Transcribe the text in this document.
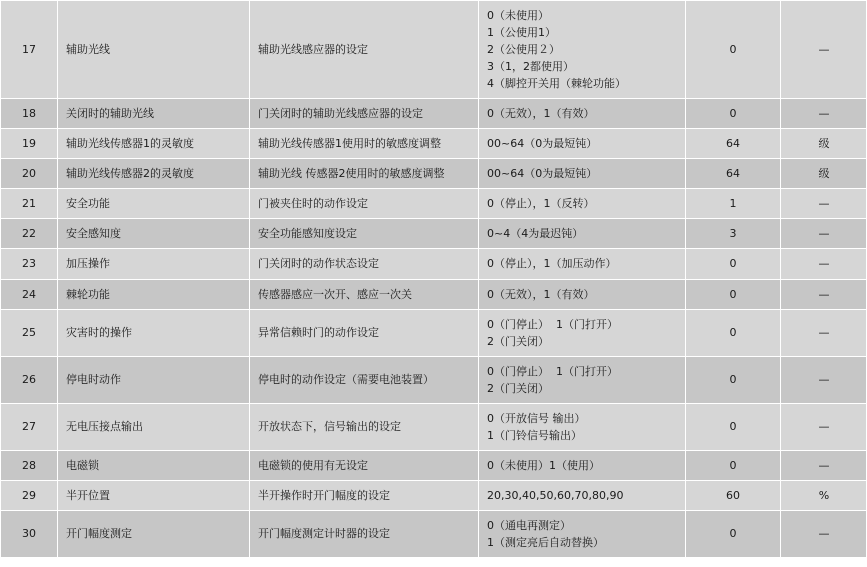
17	辅助光线	辅助光线感应器的设定	0（未使用）
1（公使用1）
2（公使用２）
3（1，2都使用）
4（脚控开关用（棘轮功能）	0	—
18	关闭时的辅助光线	门关闭时的辅助光线感应器的设定	0（无效），1（有效）	0	—
19	辅助光线传感器1的灵敏度	辅助光线传感器1使用时的敏感度调整	00~64（0为最短钝）	64	级
20	辅助光线传感器2的灵敏度	辅助光线 传感器2使用时的敏感度调整	00~64（0为最短钝）	64	级
21	安全功能	门被夹住时的动作设定	0（停止），1（反转）	1	—
22	安全感知度	安全功能感知度设定	0~4（4为最迟钝）	3	—
23	加压操作	门关闭时的动作状态设定	0（停止），1（加压动作）	0	—
24	棘轮功能	传感器感应一次开、感应一次关	0（无效），1（有效）	0	—
25	灾害时的操作	异常信赖时门的动作设定	0（门停止）  1（门打开）
2（门关闭）	0	—
26	停电时动作	停电时的动作设定（需要电池装置）	0（门停止）  1（门打开）
2（门关闭）	0	—
27	无电压接点输出	开放状态下，信号输出的设定	0（开放信号 输出）
1（门铃信号输出）	0	—
28	电磁锁	电磁锁的使用有无设定	0（未使用）1（使用）	0	—
29	半开位置	半开操作时开门幅度的设定	20,30,40,50,60,70,80,90	60	%
30	开门幅度测定	开门幅度测定计时器的设定	0（通电再测定）
1（测定亮后自动替换）	0	—
